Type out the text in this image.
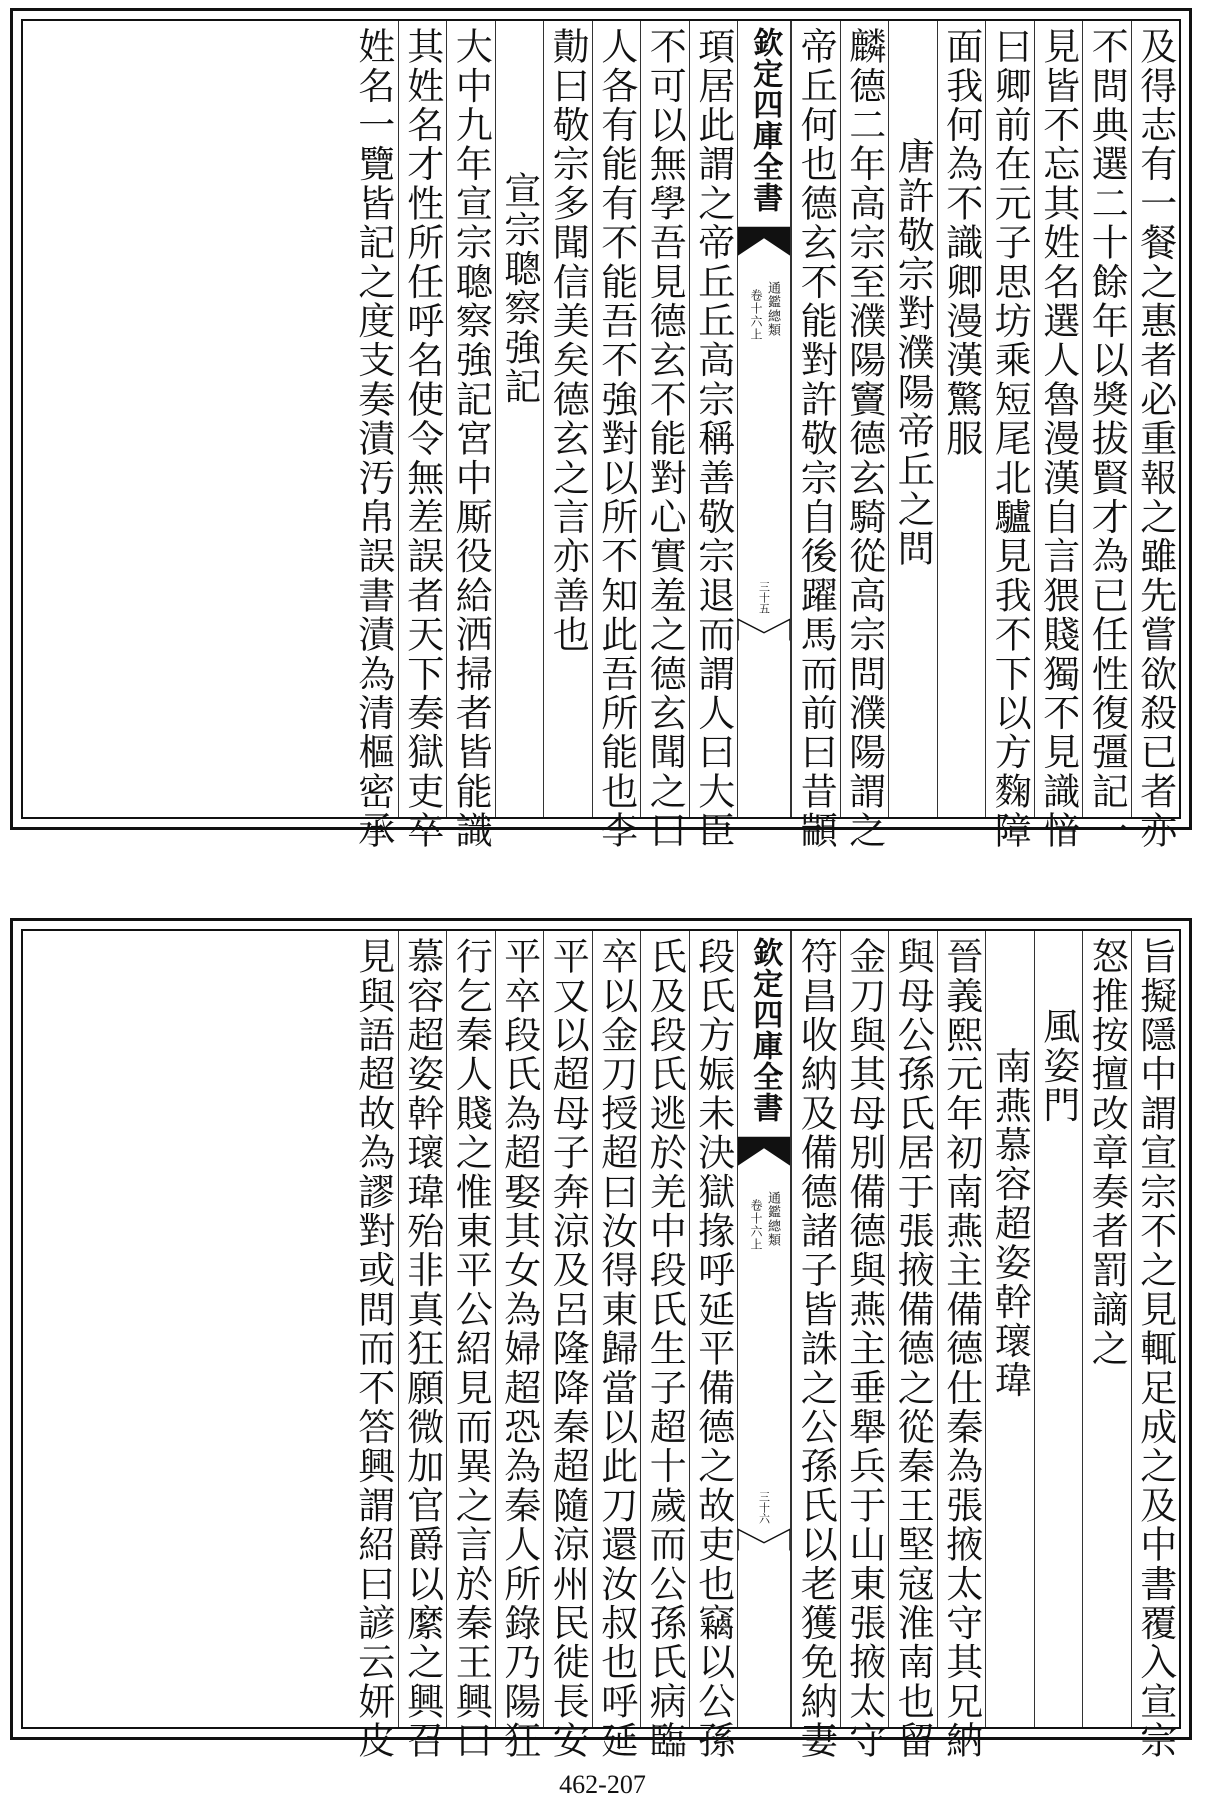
及得志有一餐之惠者必重報之雖先嘗欲殺已者亦
不問典選二十餘年以奬拔賢才為已任性復彊記一
見皆不忘其姓名選人魯漫漢自言猥賤獨不見識愔
曰卿前在元子思坊乘短尾北驢見我不下以方麴障
面我何為不識卿漫漢驚服
唐許敬宗對濮陽帝丘之問
麟德二年高宗至濮陽竇德玄騎從高宗問濮陽謂之
帝丘何也德玄不能對許敬宗自後躍馬而前曰昔顓
欽定四庫全書
通鑑總類
卷十六上
三十五
頊居此謂之帝丘丘高宗稱善敬宗退而謂人曰大臣
不可以無學吾見德玄不能對心實羞之德玄聞之曰
人各有能有不能吾不強對以所不知此吾所能也李
勣曰敬宗多聞信美矣德玄之言亦善也
宣宗聰察強記
大中九年宣宗聰察強記宮中厮役給洒掃者皆能識
其姓名才性所任呼名使令無差誤者天下奏獄吏卒
姓名一覽皆記之度支奏漬汚帛誤書漬為清樞密承
旨擬隱中謂宣宗不之見輒足成之及中書覆入宣宗
怒推按擅改章奏者罰謫之
風姿門
南燕慕容超姿幹瓌瑋
晉義熙元年初南燕主備德仕秦為張掖太守其兄納
與母公孫氏居于張掖備德之從秦王堅寇淮南也留
金刀與其母別備德與燕主垂舉兵于山東張掖太守
符昌收納及備德諸子皆誅之公孫氏以老獲免納妻
欽定四庫全書
通鑑總類
卷十六上
三十六
段氏方娠未決獄掾呼延平備德之故吏也竊以公孫
氏及段氏逃於羌中段氏生子超十歲而公孫氏病臨
卒以金刀授超曰汝得東歸當以此刀還汝叔也呼延
平又以超母子奔涼及呂隆降秦超隨涼州民徙長安
平卒段氏為超娶其女為婦超恐為秦人所錄乃陽狂
行乞秦人賤之惟東平公紹見而異之言於秦王興曰
慕容超姿幹瓌瑋殆非真狂願微加官爵以縻之興召
見與語超故為謬對或問而不答興謂紹曰諺云妍皮
462-207
